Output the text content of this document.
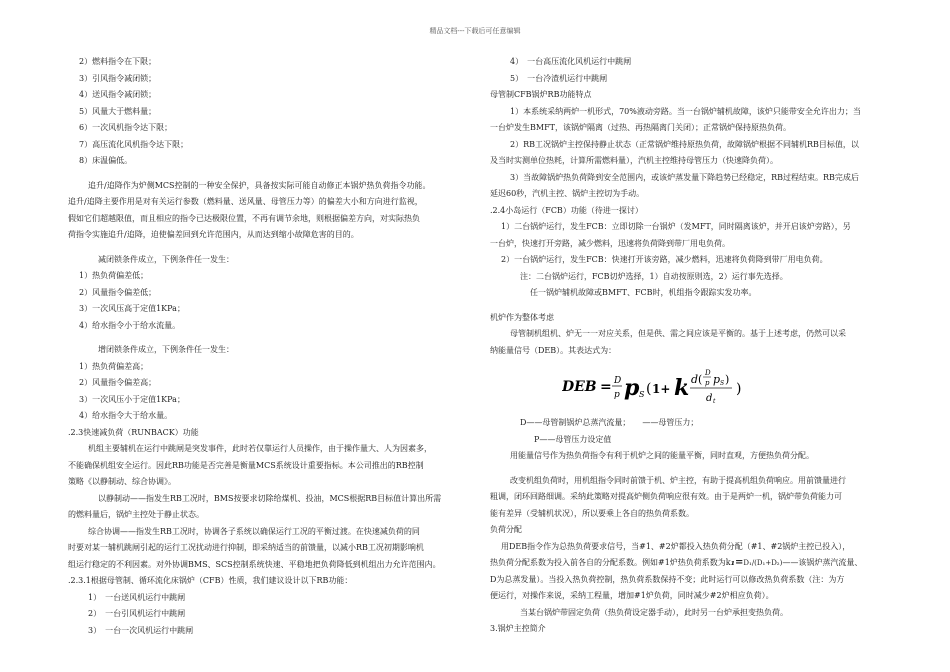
精品文档---下载后可任意编辑

2）燃料指令在下限；

3）引风指令减闭锁；

4）送风指令减闭锁；

5）风量大于燃料量；

6）一次风机指令达下限；

7）高压流化风机指令达下限；

8）床温偏低。

追升/追降作为炉侧MCS控制的一种安全保护，具备按实际可能自动修正本锅炉热负荷指令功能。

追升/追降主要作用是对有关运行参数（燃料量、送风量、母管压力等）的偏差大小和方向进行监视，

假如它们超越限值，而且相应的指令已达极限位置，不再有调节余地，则根据偏差方向，对实际热负

荷指令实施追升/追降，迫使偏差回到允许范围内，从而达到缩小故障危害的目的。

减闭锁条件成立，下例条件任一发生：

1）热负荷偏差低；

2）风量指令偏差低；

3）一次风压高于定值1KPa；

4）给水指令小于给水流量。

增闭锁条件成立，下例条件任一发生：

1）热负荷偏差高；

2）风量指令偏差高；

3）一次风压小于定值1KPa；

4）给水指令大于给水量。

.2.3快速减负荷（RUNBACK）功能

机组主要辅机在运行中跳闸是突发事件，此时若仅靠运行人员操作，由于操作量大、人为因素多，

不能确保机组安全运行。因此RB功能是否完善是衡量MCS系统设计重要指标。本公司推出的RB控制

策略《以静制动、综合协调》。

以静制动——指发生RB工况时，BMS按要求切除给煤机、投油，MCS根据RB目标值计算出所需

的燃料量后，锅炉主控处于静止状态。

综合协调——指发生RB工况时，协调各子系统以确保运行工况的平衡过渡。在快速减负荷的同

时要对某一辅机跳闸引起的运行工况扰动进行抑制，即采纳适当的前馈量，以减小RB工况初期影响机

组运行稳定的不利因素。对外协调BMS、SCS控制系统快速、平稳地把负荷降低到机组出力允许范围内。

.2.3.1根据母管制、循环流化床锅炉（CFB）性质，我们建议设计以下RB功能：

1）　一台送风机运行中跳闸

2）　一台引风机运行中跳闸

3）　一台一次风机运行中跳闸

4）　一台高压流化风机运行中跳闸

5）　一台冷渣机运行中跳闸

母管制CFB锅炉RB功能特点

1）本系统采纳两炉一机形式，70%液动旁路。当一台锅炉辅机故障，该炉只能带安全允许出力；当

一台炉发生BMFT，该锅炉隔离（过热、再热隔离门关闭）；正常锅炉保持原热负荷。

2）RB工况锅炉主控保持静止状态（正常锅炉维持原热负荷，故障锅炉根据不同辅机RB目标值，以

及当时实测单位热耗，计算所需燃料量），汽机主控维持母管压力（快速降负荷）。

3）当故障锅炉热负荷降到安全范围内，或该炉蒸发量下降趋势已经稳定，RB过程结束。RB完成后

延迟60秒，汽机主控、锅炉主控切为手动。

.2.4小岛运行（FCB）功能（待进一探讨）

1）二台锅炉运行，发生FCB：立即切除一台锅炉（发MFT，同时隔离该炉，并开启该炉旁路），另

一台炉，快速打开旁路，减少燃料，迅速将负荷降到带厂用电负荷。

2）一台锅炉运行，发生FCB：快速打开该旁路，减少燃料，迅速将负荷降到带厂用电负荷。

注：二台锅炉运行，FCB切炉选择，1）自动按原则选，2）运行事先选择。

任一锅炉辅机故障或BMFT、FCB时，机组指令跟踪实发功率。

机炉作为整体考虑

母管制机组机、炉无一一对应关系，但是供、需之间应该是平衡的。基于上述考虑，仍然可以采

纳能量信号（DEB）。其表达式为：

DEB = D
p p S ( 1+ k d ( D
p p S )
d t
)

D——母管制锅炉总蒸汽流量；　　——母管压力；

P——母管压力设定值

用能量信号作为热负荷指令有利于机炉之间的能量平衡，同时直观，方便热负荷分配。

改变机组负荷时，用机组指令同时前馈于机、炉主控，有助于提高机组负荷响应。用前馈量进行

粗调，闭环回路细调。采纳此策略对提高炉侧负荷响应很有效。由于是两炉一机，锅炉带负荷能力可

能有差异（受辅机状况），所以要乘上各自的热负荷系数。

负荷分配

用DEB指令作为总热负荷要求信号，当#1、#2炉都投入热负荷分配（#1、#2锅炉主控已投入），

热负荷分配系数为投入前各自的分配系数。例如#1炉热负荷系数为k₁=D₁/(D₁+D₂)——该锅炉蒸汽流量、

D为总蒸发量）。当投入热负荷控制，热负荷系数保持不变；此时运行可以修改热负荷系数（注：为方

便运行，对操作来说，采纳工程量，增加#1炉负荷，同时减少#2炉相应负荷）。

当某台锅炉带固定负荷（热负荷设定器手动），此时另一台炉承担变热负荷。

3.锅炉主控简介
